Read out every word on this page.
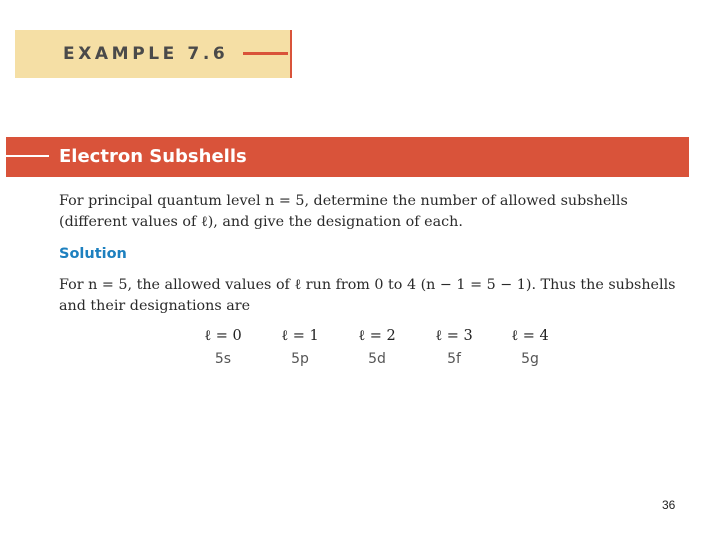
EXAMPLE 7.6
Electron Subshells
For principal quantum level n = 5, determine the number of allowed subshells (different values of ℓ), and give the designation of each.
Solution
For n = 5, the allowed values of ℓ run from 0 to 4 (n − 1 = 5 − 1). Thus the subshells and their designations are
ℓ = 0
5s
ℓ = 1
5p
ℓ = 2
5d
ℓ = 3
5f
ℓ = 4
5g
36
